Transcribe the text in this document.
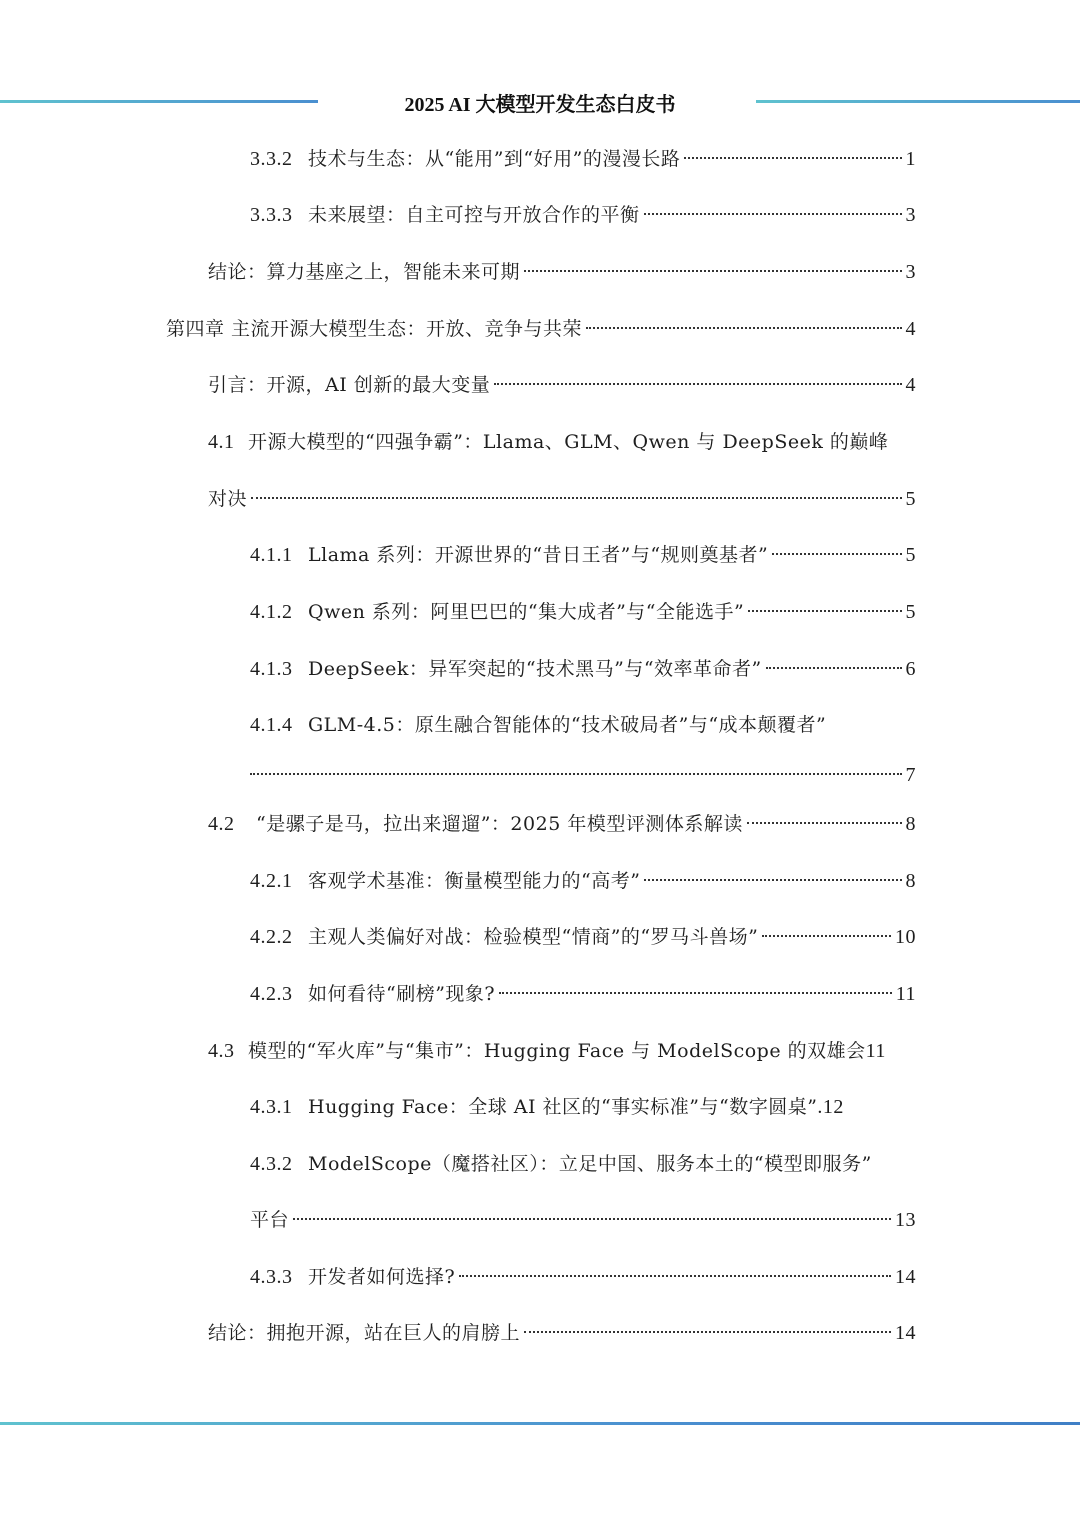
2025 AI 大模型开发生态白皮书
3.3.2 技术与生态：从“能用”到“好用”的漫漫长路	1
3.3.3 未来展望：自主可控与开放合作的平衡	3
结论：算力基座之上，智能未来可期	3
第四章 主流开源大模型生态：开放、竞争与共荣	4
引言：开源，AI 创新的最大变量	4
4.1 开源大模型的“四强争霸”：Llama、GLM、Qwen 与 DeepSeek 的巅峰
对决	5
4.1.1 Llama 系列：开源世界的“昔日王者”与“规则奠基者”	5
4.1.2 Qwen 系列：阿里巴巴的“集大成者”与“全能选手”	5
4.1.3 DeepSeek：异军突起的“技术黑马”与“效率革命者”	6
4.1.4 GLM-4.5：原生融合智能体的“技术破局者”与“成本颠覆者”
7
4.2	“是骡子是马，拉出来遛遛”：2025 年模型评测体系解读	8
4.2.1 客观学术基准：衡量模型能力的“高考”	8
4.2.2 主观人类偏好对战：检验模型“情商”的“罗马斗兽场”	10
4.2.3 如何看待“刷榜”现象?	11
4.3 模型的“军火库”与“集市”：Hugging Face 与 ModelScope 的双雄会 11
4.3.1 Hugging Face：全球 AI 社区的“事实标准”与“数字圆桌” .12
4.3.2 ModelScope（魔搭社区）：立足中国、服务本土的“模型即服务”
平台	13
4.3.3 开发者如何选择?	14
结论：拥抱开源，站在巨人的肩膀上	14
